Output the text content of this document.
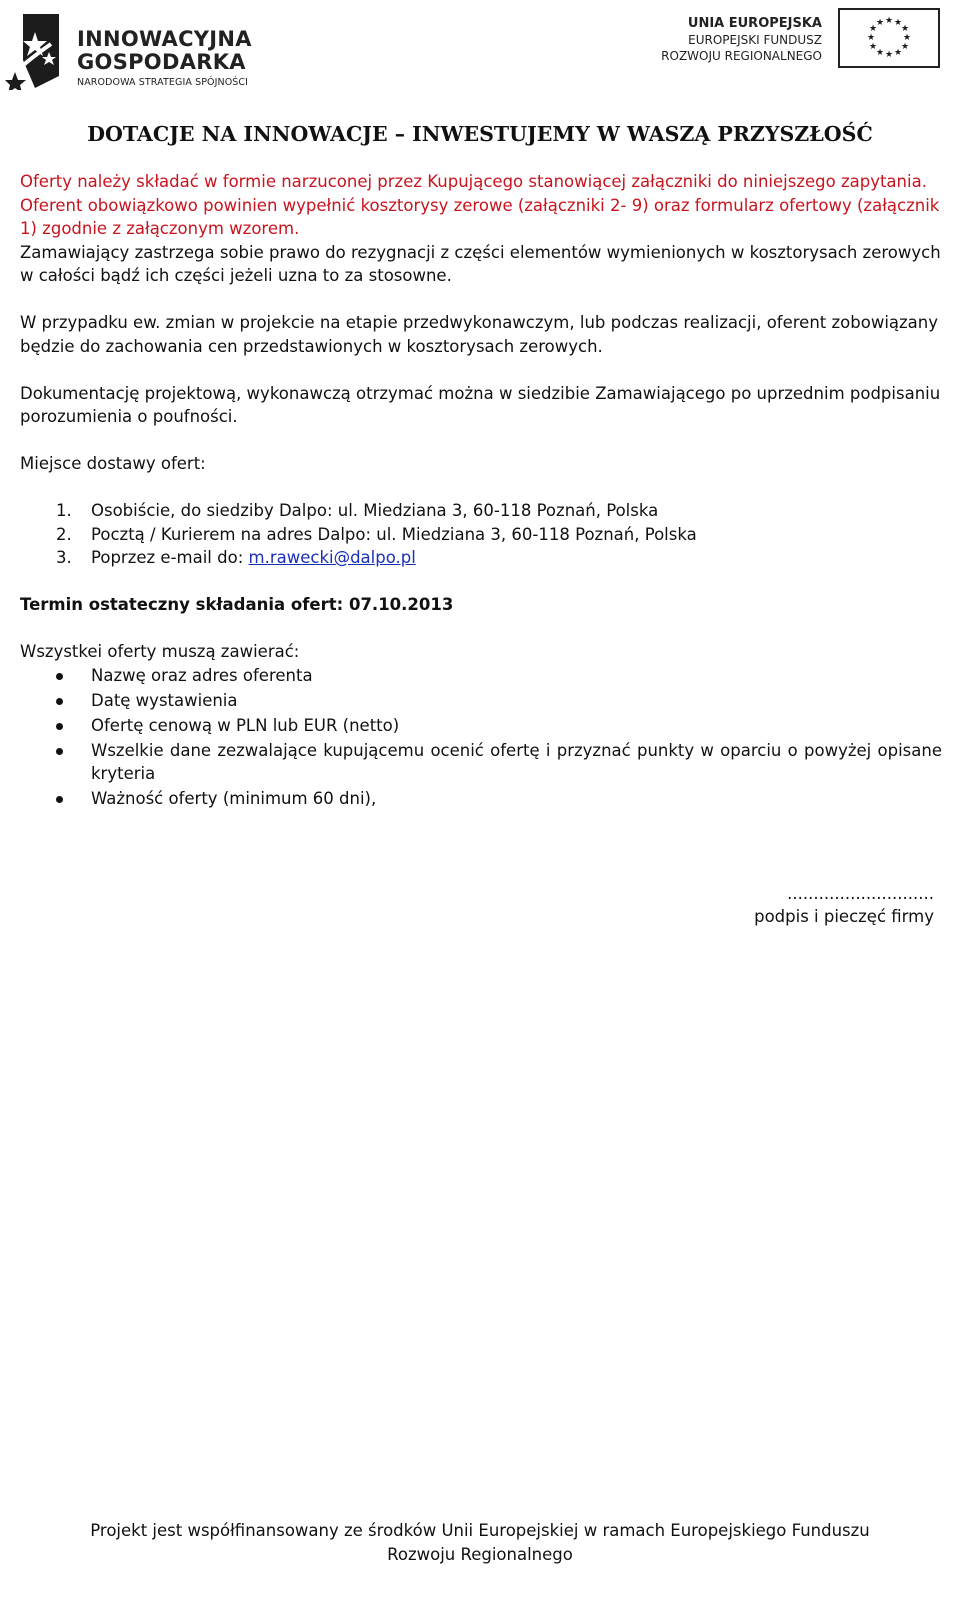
INNOWACYJNA
GOSPODARKA
NARODOWA STRATEGIA SPÓJNOŚCI
UNIA EUROPEJSKA
EUROPEJSKI FUNDUSZ
ROZWOJU REGIONALNEGO
★ ★
★
★
★
★
★
★
★
★
★
★
DOTACJE NA INNOWACJE – INWESTUJEMY W WASZĄ PRZYSZŁOŚĆ

Oferty należy składać w formie narzuconej przez Kupującego stanowiącej załączniki do niniejszego zapytania. Oferent obowiązkowo powinien wypełnić kosztorysy zerowe (załączniki 2- 9) oraz formularz ofertowy (załącznik 1) zgodnie z załączonym wzorem.

Zamawiający zastrzega sobie prawo do rezygnacji z części elementów wymienionych w kosztorysach zerowych w całości bądź ich części jeżeli uzna to za stosowne.

W przypadku ew. zmian w projekcie na etapie przedwykonawczym, lub podczas realizacji, oferent zobowiązany będzie do zachowania cen przedstawionych w kosztorysach zerowych.

Dokumentację projektową, wykonawczą otrzymać można w siedzibie Zamawiającego po uprzednim podpisaniu porozumienia o poufności.

Miejsce dostawy ofert:

1. Osobiście, do siedziby Dalpo: ul. Miedziana 3, 60-118 Poznań, Polska
2. Pocztą / Kurierem na adres Dalpo: ul. Miedziana 3, 60-118 Poznań, Polska
3. Poprzez e-mail do: m.rawecki@dalpo.pl

Termin ostateczny składania ofert: 07.10.2013

Wszystkei oferty muszą zawierać:

Nazwę oraz adres oferenta
Datę wystawienia
Ofertę cenową w PLN lub EUR (netto)
Wszelkie dane zezwalające kupującemu ocenić ofertę i przyznać punkty w oparciu o powyżej opisane kryteria
Ważność oferty (minimum 60 dni),
............................
podpis i pieczęć firmy
Projekt jest współfinansowany ze środków Unii Europejskiej w ramach Europejskiego Funduszu
Rozwoju Regionalnego
